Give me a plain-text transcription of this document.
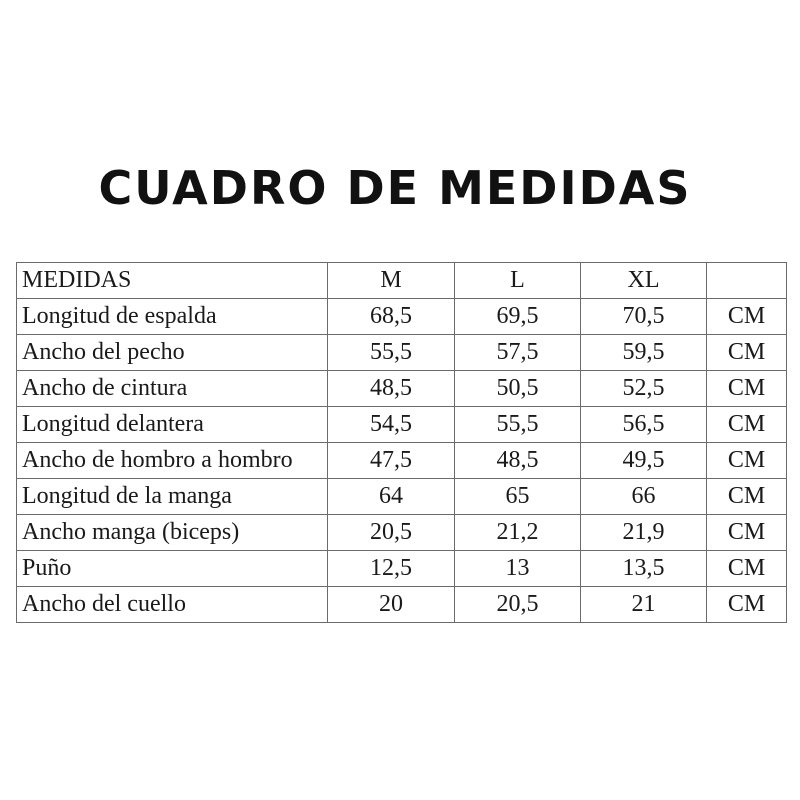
CUADRO DE MEDIDAS
MEDIDAS	M	L	XL	
Longitud de espalda	68,5	69,5	70,5	CM
Ancho del pecho	55,5	57,5	59,5	CM
Ancho de cintura	48,5	50,5	52,5	CM
Longitud delantera	54,5	55,5	56,5	CM
Ancho de hombro a hombro	47,5	48,5	49,5	CM
Longitud de la manga	64	65	66	CM
Ancho manga (biceps)	20,5	21,2	21,9	CM
Puño	12,5	13	13,5	CM
Ancho del cuello	20	20,5	21	CM
